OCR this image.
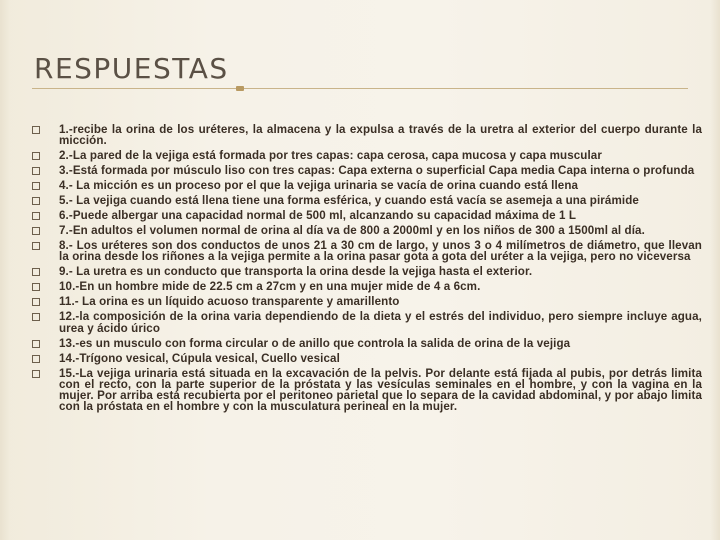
RESPUESTAS
1.-recibe la orina de los uréteres, la almacena y la expulsa a través de la uretra al exterior del cuerpo durante la micción.
2.-La pared de la vejiga está formada por tres capas: capa cerosa, capa mucosa y capa muscular
3.-Está formada por músculo liso con tres capas: Capa externa o superficial Capa media Capa interna o profunda
4.- La micción es un proceso por el que la vejiga urinaria se vacía de orina cuando está llena
5.- La vejiga cuando está llena tiene una forma esférica, y cuando está vacía se asemeja a una pirámide
6.-Puede albergar una capacidad normal de 500 ml, alcanzando su capacidad máxima de 1 L
7.-En adultos el volumen normal de orina al día va de 800 a 2000ml y en los niños de 300 a 1500ml al día.
8.- Los uréteres son dos conductos de unos 21 a 30 cm de largo, y unos 3 o 4 milímetros de diámetro, que llevan la orina desde los riñones a la vejiga permite a la orina pasar gota a gota del uréter a la vejiga, pero no viceversa
9.- La uretra es un conducto que transporta la orina desde la vejiga hasta el exterior.
10.-En un hombre mide de 22.5 cm a 27cm y en una mujer mide de 4 a 6cm.
11.- La orina es un líquido acuoso transparente y amarillento
12.-la composición de la orina varia dependiendo de la dieta y el estrés del individuo, pero siempre incluye agua, urea y ácido úrico
13.-es un musculo con forma circular o de anillo que controla la salida de orina de la vejiga
14.-Trígono vesical, Cúpula vesical, Cuello vesical
15.-La vejiga urinaria está situada en la excavación de la pelvis. Por delante está fijada al pubis, por detrás limita con el recto, con la parte superior de la próstata y las vesículas seminales en el hombre, y con la vagina en la mujer. Por arriba está recubierta por el peritoneo parietal que lo separa de la cavidad abdominal, y por abajo limita con la próstata en el hombre y con la musculatura perineal en la mujer.
